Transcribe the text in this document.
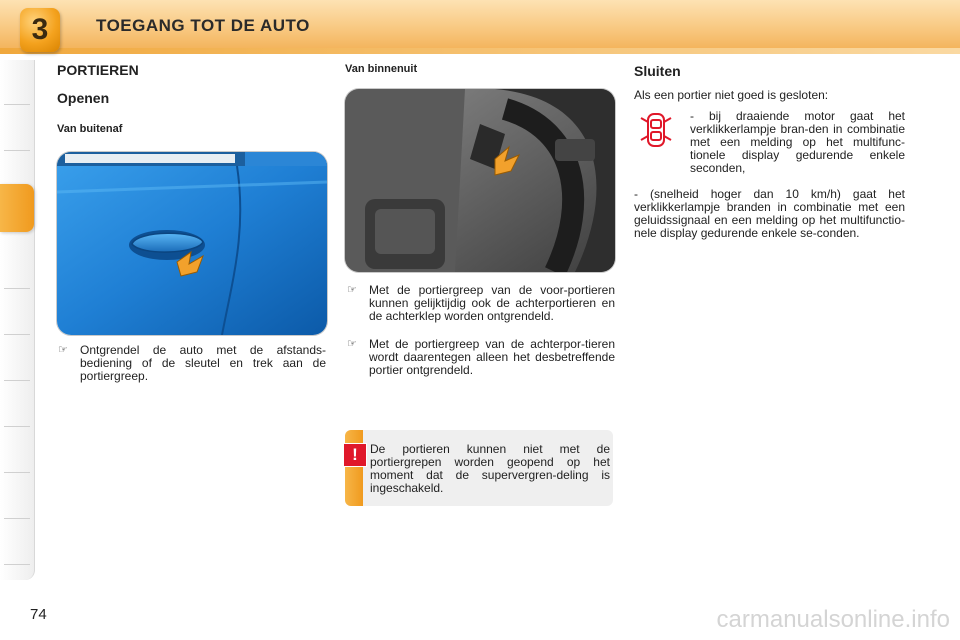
3	TOEGANG TOT DE AUTO
PORTIEREN
Openen
Van buitenaf
☞ Ontgrendel de auto met de afstands-bediening of de sleutel en trek aan de portiergreep.
Van binnenuit
☞ Met de portiergreep van de voor-portieren kunnen gelijktijdig ook de achterportieren en de achterklep worden ontgrendeld.
☞ Met de portiergreep van de achterpor-tieren wordt daarentegen alleen het desbetreffende portier ontgrendeld.
!	De portieren kunnen niet met de portiergrepen worden geopend op het moment dat de supervergren-deling is ingeschakeld.
Sluiten
Als een portier niet goed is gesloten:
- bij draaiende motor gaat het verklikkerlampje bran-den in combinatie met een melding op het multifunc-tionele display gedurende enkele seconden,
- (snelheid hoger dan 10 km/h) gaat het verklikkerlampje branden in combinatie met een geluidssignaal en een melding op het multifunctio-nele display gedurende enkele se-conden.
74	carmanualsonline.info
